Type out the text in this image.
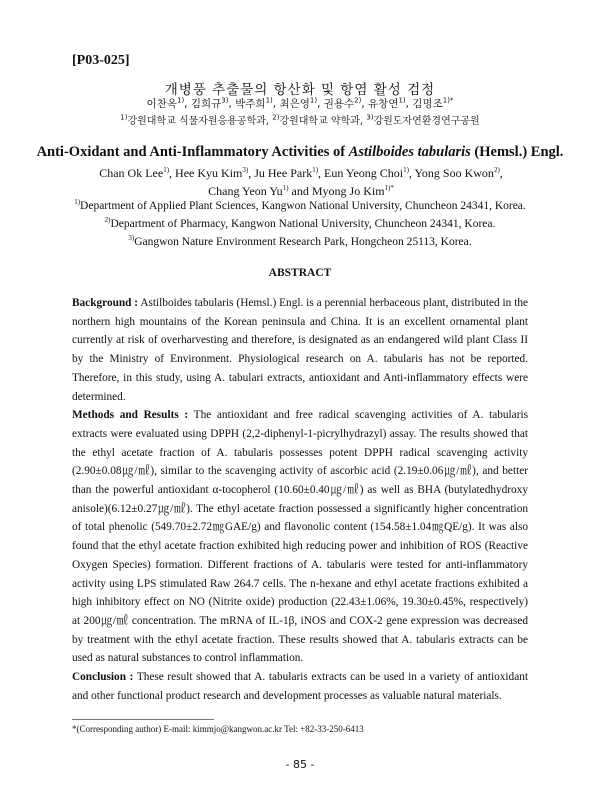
[P03-025]
개병풍 추출물의 항산화 및 항염 활성 검정
이찬옥$^{1)}$, 김희규$^{3)}$, 박주희$^{1)}$, 최은영$^{1)}$, 권용수$^{2)}$, 유창연$^{1)}$, 김명조$^{1)*}$
$^{1)}$강원대학교 식물자원응용공학과, $^{2)}$강원대학교 약학과, $^{3)}$강원도자연환경연구공원
Anti-Oxidant and Anti-Inflammatory Activities of Astilboides tabularis (Hemsl.) Engl.
Chan Ok Lee$^{1)}$, Hee Kyu Kim$^{3)}$, Ju Hee Park$^{1)}$, Eun Yeong Choi$^{1)}$, Yong Soo Kwon$^{2)}$, Chang Yeon Yu$^{1)}$ and Myong Jo Kim$^{1)*}$
$^{1)}$Department of Applied Plant Sciences, Kangwon National University, Chuncheon 24341, Korea.
$^{2)}$Department of Pharmacy, Kangwon National University, Chuncheon 24341, Korea.
$^{3)}$Gangwon Nature Environment Research Park, Hongcheon 25113, Korea.
ABSTRACT

Background : Astilboides tabularis (Hemsl.) Engl. is a perennial herbaceous plant, distributed in the northern high mountains of the Korean peninsula and China. It is an excellent ornamental plant currently at risk of overharvesting and therefore, is designated as an endangered wild plant Class II by the Ministry of Environment. Physiological research on A. tabularis has not be reported. Therefore, in this study, using A. tabulari extracts, antioxidant and Anti-inflammatory effects were determined.

Methods and Results : The antioxidant and free radical scavenging activities of A. tabularis extracts were evaluated using DPPH (2,2-diphenyl-1-picrylhydrazyl) assay. The results showed that the ethyl acetate fraction of A. tabularis possesses potent DPPH radical scavenging activity (2.90±0.08㎍/㎖), similar to the scavenging activity of ascorbic acid (2.19±0.06㎍/㎖), and better than the powerful antioxidant α-tocopherol (10.60±0.40㎍/㎖) as well as BHA (butylatedhydroxy anisole)(6.12±0.27㎍/㎖). The ethyl acetate fraction possessed a significantly higher concentration of total phenolic (549.70±2.72㎎GAE/g) and flavonolic content (154.58±1.04㎎QE/g). It was also found that the ethyl acetate fraction exhibited high reducing power and inhibition of ROS (Reactive Oxygen Species) formation. Different fractions of A. tabularis were tested for anti-inflammatory activity using LPS stimulated Raw 264.7 cells. The n-hexane and ethyl acetate fractions exhibited a high inhibitory effect on NO (Nitrite oxide) production (22.43±1.06%, 19.30±0.45%, respectively) at 200㎍/㎖ concentration. The mRNA of IL-1β, iNOS and COX-2 gene expression was decreased by treatment with the ethyl acetate fraction. These results showed that A. tabularis extracts can be used as natural substances to control inflammation.

Conclusion : These result showed that A. tabularis extracts can be used in a variety of antioxidant and other functional product research and development processes as valuable natural materials.

*(Corresponding author) E-mail: kimmjo@kangwon.ac.kr Tel: +82-33-250-6413
- 85 -
